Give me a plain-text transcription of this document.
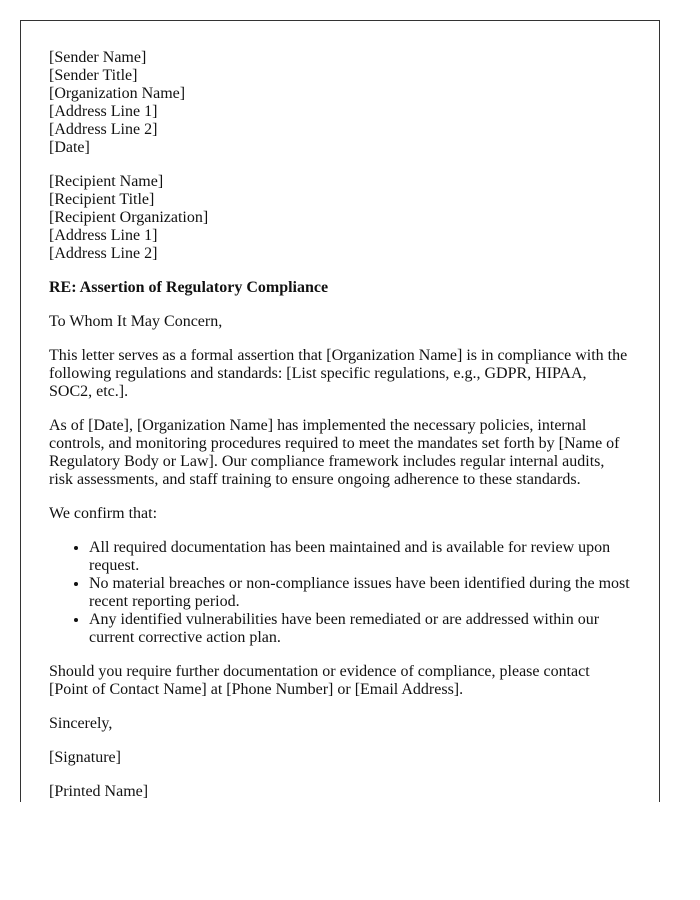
[Sender Name]
[Sender Title]
[Organization Name]
[Address Line 1]
[Address Line 2]
[Date]
[Recipient Name]
[Recipient Title]
[Recipient Organization]
[Address Line 1]
[Address Line 2]
RE: Assertion of Regulatory Compliance

To Whom It May Concern,

This letter serves as a formal assertion that [Organization Name] is in compliance with the following regulations and standards: [List specific regulations, e.g., GDPR, HIPAA, SOC2, etc.].

As of [Date], [Organization Name] has implemented the necessary policies, internal controls, and monitoring procedures required to meet the mandates set forth by [Name of Regulatory Body or Law]. Our compliance framework includes regular internal audits, risk assessments, and staff training to ensure ongoing adherence to these standards.

We confirm that:

• All required documentation has been maintained and is available for review upon request.
• No material breaches or non-compliance issues have been identified during the most recent reporting period.
• Any identified vulnerabilities have been remediated or are addressed within our current corrective action plan.

Should you require further documentation or evidence of compliance, please contact [Point of Contact Name] at [Phone Number] or [Email Address].

Sincerely,

[Signature]

[Printed Name]
